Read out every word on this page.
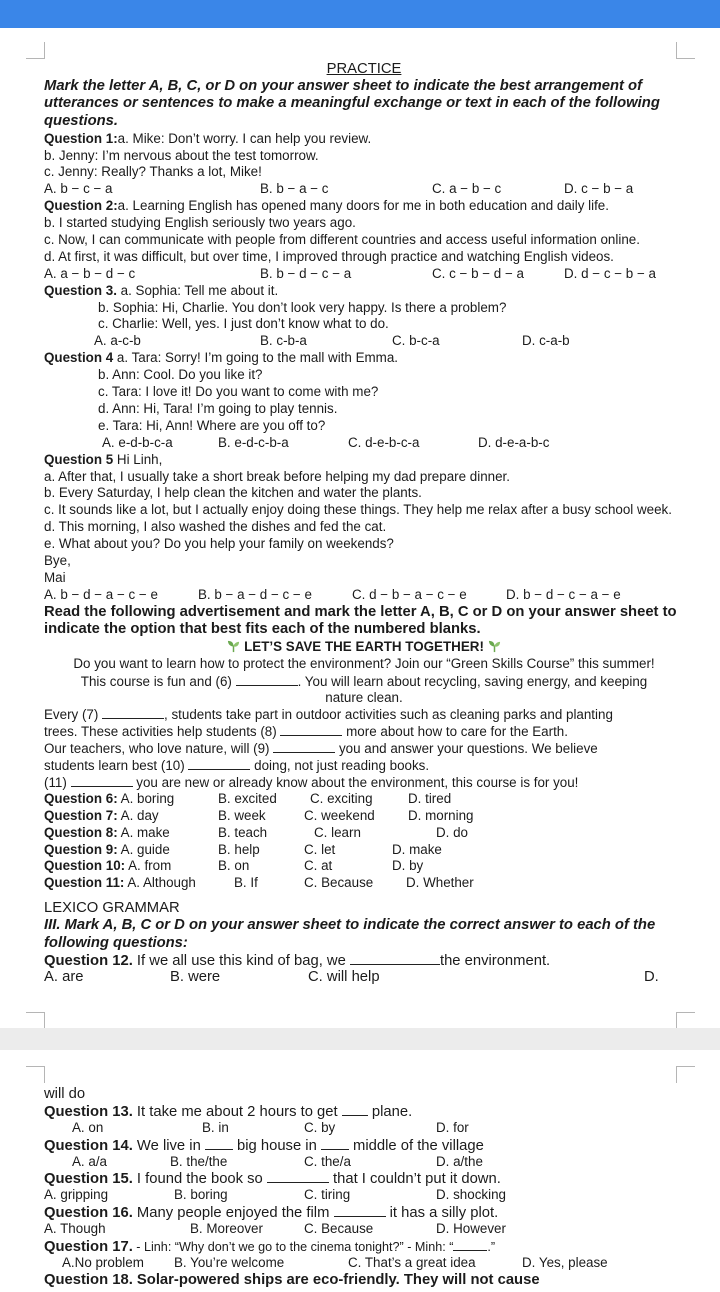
PRACTICE
Mark the letter A, B, C, or D on your answer sheet to indicate the best arrangement of utterances or sentences to make a meaningful exchange or text in each of the following questions.
Question 1:a. Mike: Don’t worry. I can help you review.
b. Jenny: I’m nervous about the test tomorrow.
c. Jenny: Really? Thanks a lot, Mike!
A. b − c − a	B. b − a − c	C. a − b − c	D. c − b − a
Question 2:a. Learning English has opened many doors for me in both education and daily life.
b. I started studying English seriously two years ago.
c. Now, I can communicate with people from different countries and access useful information online.
d. At first, it was difficult, but over time, I improved through practice and watching English videos.
A. a − b − d − c	B. b − d − c − a	C. c − b − d − a	D. d − c − b − a
Question 3. a. Sophia: Tell me about it.
b. Sophia: Hi, Charlie. You don’t look very happy. Is there a problem?
c. Charlie: Well, yes. I just don’t know what to do.
A. a-c-b	B. c-b-a	C. b-c-a	D. c-a-b
Question 4 a. Tara: Sorry! I’m going to the mall with Emma.
b. Ann: Cool. Do you like it?
c. Tara: I love it! Do you want to come with me?
d. Ann: Hi, Tara! I’m going to play tennis.
e. Tara: Hi, Ann! Where are you off to?
A. e-d-b-c-a	B. e-d-c-b-a	C. d-e-b-c-a	D. d-e-a-b-c
Question 5 Hi Linh,
a. After that, I usually take a short break before helping my dad prepare dinner.
b. Every Saturday, I help clean the kitchen and water the plants.
c. It sounds like a lot, but I actually enjoy doing these things. They help me relax after a busy school week.
d. This morning, I also washed the dishes and fed the cat.
e. What about you? Do you help your family on weekends?
Bye,
Mai
A. b − d − a − c − e	B. b − a − d − c − e	C. d − b − a − c − e	D. b − d − c − a − e
Read the following advertisement and mark the letter A, B, C or D on your answer sheet to indicate the option that best fits each of the numbered blanks.
LET’S SAVE THE EARTH TOGETHER!
Do you want to learn how to protect the environment? Join our “Green Skills Course” this summer!
This course is fun and (6)	. You will learn about recycling, saving energy, and keeping
nature clean.
Every (7)	, students take part in outdoor activities such as cleaning parks and planting
trees. These activities help students (8)	more about how to care for the Earth.
Our teachers, who love nature, will (9)	you and answer your questions. We believe
students learn best (10)	doing, not just reading books.
(11)	you are new or already know about the environment, this course is for you!
Question 6: A. boring	B. excited C. exciting	D. tired
Question 7: A. day	B. week	C. weekend D. morning
Question 8: A. make	B. teach	C. learn	D. do
Question 9: A. guide	B. help	C. let	D. make
Question 10: A. from	B. on	C. at	D. by
Question 11: A. Although	B. If	C. Because D. Whether
LEXICO GRAMMAR
III. Mark A, B, C or D on your answer sheet to indicate the correct answer to each of the following questions:
Question 12. If we all use this kind of bag, we	the environment.
A. are	B. were	C. will help	D.
will do
Question 13. It take me about 2 hours to get  plane.
A. on	B. in	C. by	D. for
Question 14. We live in  big house in  middle of the village
A. a/a	B. the/the	C. the/a	D. a/the
Question 15. I found the book so	that I couldn’t put it down.
A. gripping	B. boring	C. tiring	D. shocking
Question 16. Many people enjoyed the film	it has a silly plot.
A. Though	B. Moreover	C. Because	D. However
Question 17. - Linh: “Why don’t we go to the cinema tonight?” - Minh: “	.”
A.No problem B. You’re welcome	C. That’s a great idea	D. Yes, please
Question 18. Solar-powered ships are eco-friendly. They will not cause
